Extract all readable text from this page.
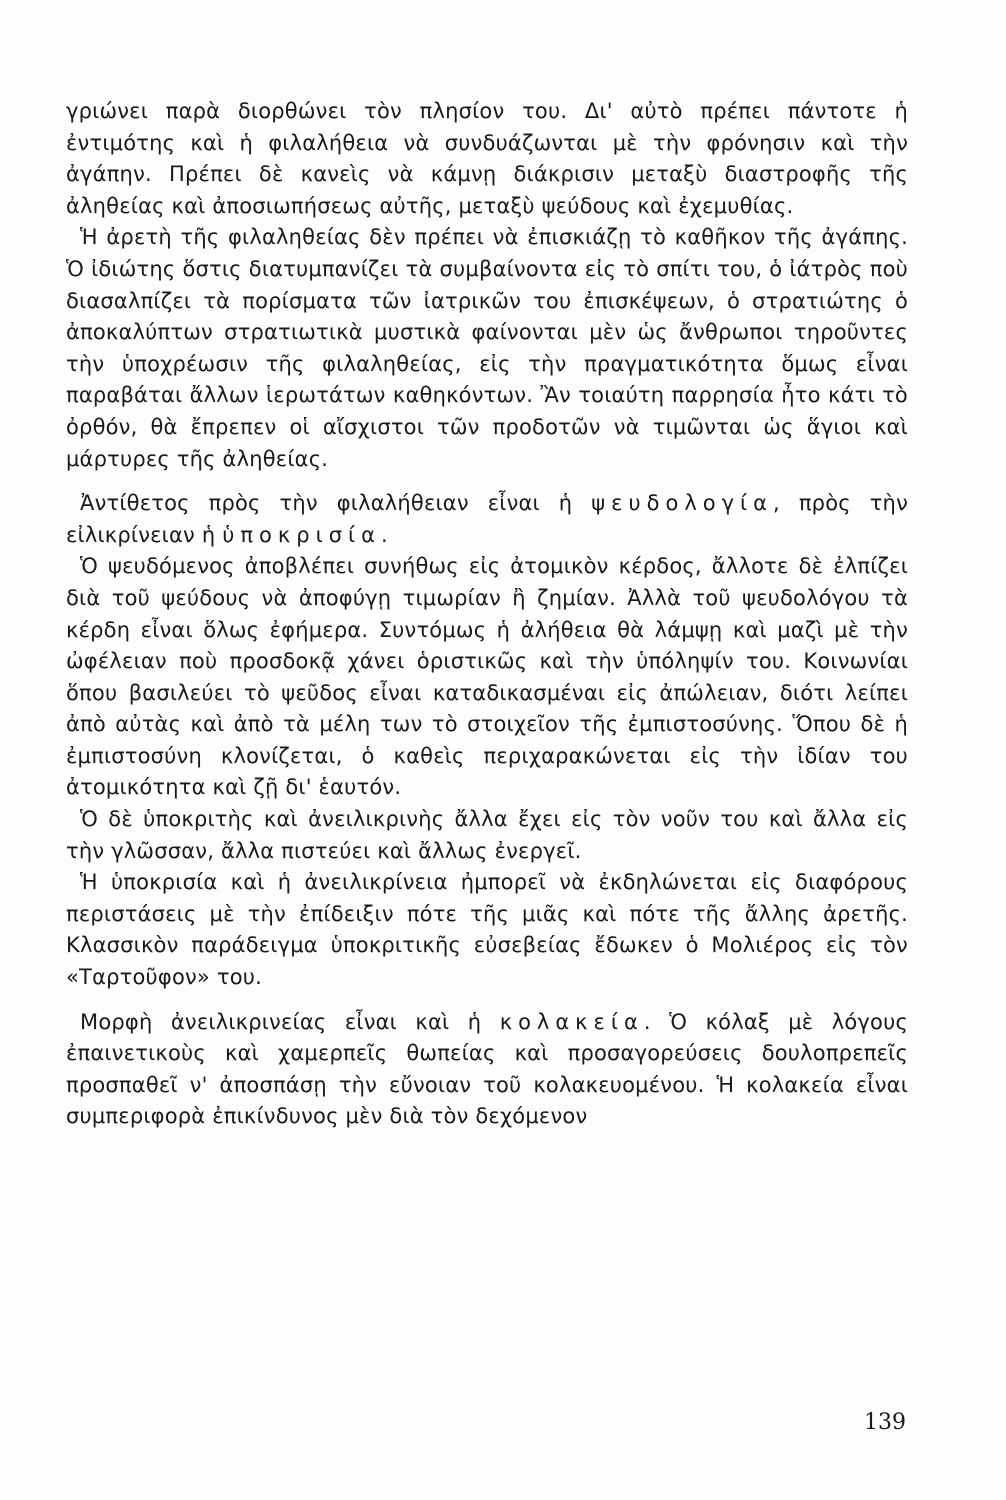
γριώνει παρὰ διορθώνει τὸν πλησίον του. Δι' αὐτὸ πρέπει πάντοτε ἡ ἐντιμότης καὶ ἡ φιλαλήθεια νὰ συνδυάζωνται μὲ τὴν φρόνησιν καὶ τὴν ἀγάπην. Πρέπει δὲ κανεὶς νὰ κάμνῃ διάκρισιν μεταξὺ διαστροφῆς τῆς ἀληθείας καὶ ἀποσιωπήσεως αὐτῆς, μεταξὺ ψεύδους καὶ ἐχεμυθίας.

Ἡ ἀρετὴ τῆς φιλαληθείας δὲν πρέπει νὰ ἐπισκιάζῃ τὸ καθῆκον τῆς ἀγάπης. Ὁ ἰδιώτης ὅστις διατυμπανίζει τὰ συμβαίνοντα εἰς τὸ σπίτι του, ὁ ἰάτρὸς ποὺ διασαλπίζει τὰ πορίσματα τῶν ἰατρικῶν του ἐπισκέψεων, ὁ στρατιώτης ὁ ἀποκαλύπτων στρατιωτικὰ μυστικὰ φαίνονται μὲν ὡς ἄνθρωποι τηροῦντες τὴν ὑποχρέωσιν τῆς φιλαληθείας, εἰς τὴν πραγματικότητα ὅμως εἶναι παραβάται ἄλλων ἱερωτάτων καθηκόντων. Ἂν τοιαύτη παρρησία ἦτο κάτι τὸ ὀρθόν, θὰ ἔπρεπεν οἱ αἴσχιστοι τῶν προδοτῶν νὰ τιμῶνται ὡς ἅγιοι καὶ μάρτυρες τῆς ἀληθείας.

Ἀντίθετος πρὸς τὴν φιλαλήθειαν εἶναι ἡ ψευδολογία, πρὸς τὴν εἰλικρίνειαν ἡ ὑποκρισία.

Ὁ ψευδόμενος ἀποβλέπει συνήθως εἰς ἀτομικὸν κέρδος, ἄλλοτε δὲ ἐλπίζει διὰ τοῦ ψεύδους νὰ ἀποφύγῃ τιμωρίαν ἢ ζημίαν. Ἀλλὰ τοῦ ψευδολόγου τὰ κέρδη εἶναι ὅλως ἐφήμερα. Συντόμως ἡ ἀλήθεια θὰ λάμψῃ καὶ μαζὶ μὲ τὴν ὠφέλειαν ποὺ προσδοκᾷ χάνει ὁριστικῶς καὶ τὴν ὑπόληψίν του. Κοινωνίαι ὅπου βασιλεύει τὸ ψεῦδος εἶναι καταδικασμέναι εἰς ἀπώλειαν, διότι λείπει ἀπὸ αὐτὰς καὶ ἀπὸ τὰ μέλη των τὸ στοιχεῖον τῆς ἐμπιστοσύνης. Ὅπου δὲ ἡ ἐμπιστοσύνη κλονίζεται, ὁ καθεὶς περιχαρακώνεται εἰς τὴν ἰδίαν του ἀτομικότητα καὶ ζῇ δι' ἑαυτόν.

Ὁ δὲ ὑποκριτὴς καὶ ἀνειλικρινὴς ἄλλα ἔχει εἰς τὸν νοῦν του καὶ ἄλλα εἰς τὴν γλῶσσαν, ἄλλα πιστεύει καὶ ἄλλως ἐνεργεῖ.

Ἡ ὑποκρισία καὶ ἡ ἀνειλικρίνεια ἠμπορεῖ νὰ ἐκδηλώνεται εἰς διαφόρους περιστάσεις μὲ τὴν ἐπίδειξιν πότε τῆς μιᾶς καὶ πότε τῆς ἄλλης ἀρετῆς. Κλασσικὸν παράδειγμα ὑποκριτικῆς εὐσεβείας ἔδωκεν ὁ Μολιέρος εἰς τὸν «Ταρτοῦφον» του.

Μορφὴ ἀνειλικρινείας εἶναι καὶ ἡ κολακεία. Ὁ κόλαξ μὲ λόγους ἐπαινετικοὺς καὶ χαμερπεῖς θωπείας καὶ προσαγορεύσεις δουλοπρεπεῖς προσπαθεῖ ν' ἀποσπάσῃ τὴν εὔνοιαν τοῦ κολακευομένου. Ἡ κολακεία εἶναι συμπεριφορὰ ἐπικίνδυνος μὲν διὰ τὸν δεχόμενον

139
